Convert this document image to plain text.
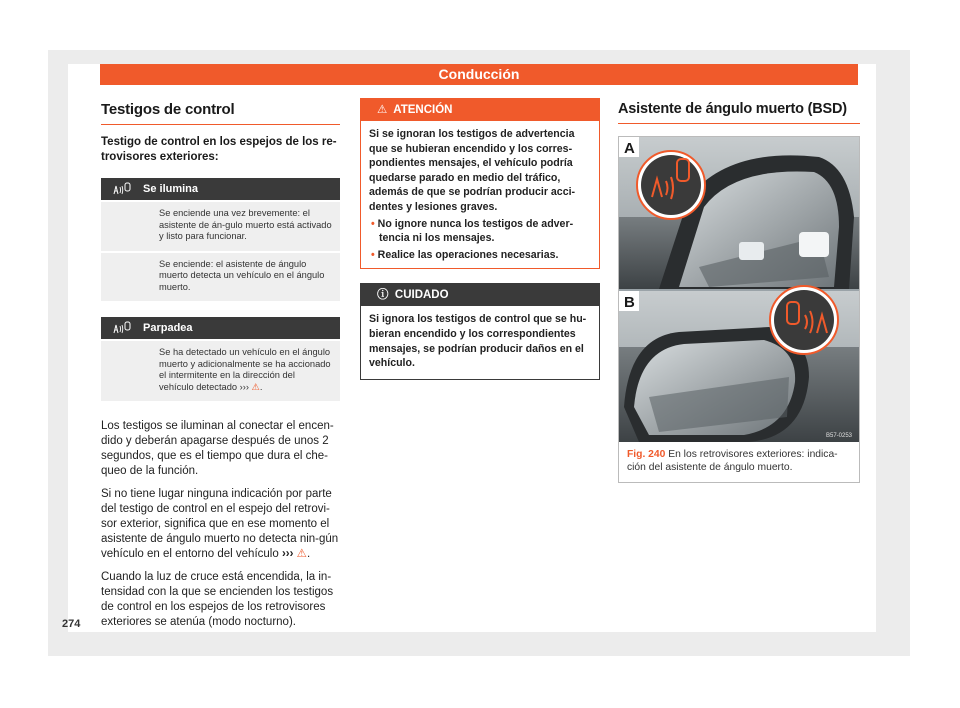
Conducción
Testigos de control
Testigo de control en los espejos de los re-trovisores exteriores:
Se ilumina
Se enciende una vez brevemente: el asistente de án-gulo muerto está activado y listo para funcionar.
Se enciende: el asistente de ángulo muerto detecta un vehículo en el ángulo muerto.
Parpadea
Se ha detectado un vehículo en el ángulo muerto y adicionalmente se ha accionado el intermitente en la dirección del vehículo detectado ››› ⚠.
Los testigos se iluminan al conectar el encen-dido y deberán apagarse después de unos 2 segundos, que es el tiempo que dura el che-queo de la función.
Si no tiene lugar ninguna indicación por parte del testigo de control en el espejo del retrovi-sor exterior, significa que en ese momento el asistente de ángulo muerto no detecta nin-gún vehículo en el entorno del vehículo ››› ⚠.
Cuando la luz de cruce está encendida, la in-tensidad con la que se encienden los testigos de control en los espejos de los retrovisores exteriores se atenúa (modo nocturno).
⚠ ATENCIÓN
Si se ignoran los testigos de advertencia que se hubieran encendido y los corres-pondientes mensajes, el vehículo podría quedarse parado en medio del tráfico, además de que se podrían producir acci-dentes y lesiones graves.
• No ignore nunca los testigos de adver-tencia ni los mensajes.
• Realice las operaciones necesarias.
ⓘ CUIDADO
Si ignora los testigos de control que se hu-bieran encendido y los correspondientes mensajes, se podrían producir daños en el vehículo.
Asistente de ángulo muerto (BSD)
A
B
B57-0253
Fig. 240 En los retrovisores exteriores: indica-ción del asistente de ángulo muerto.
274
